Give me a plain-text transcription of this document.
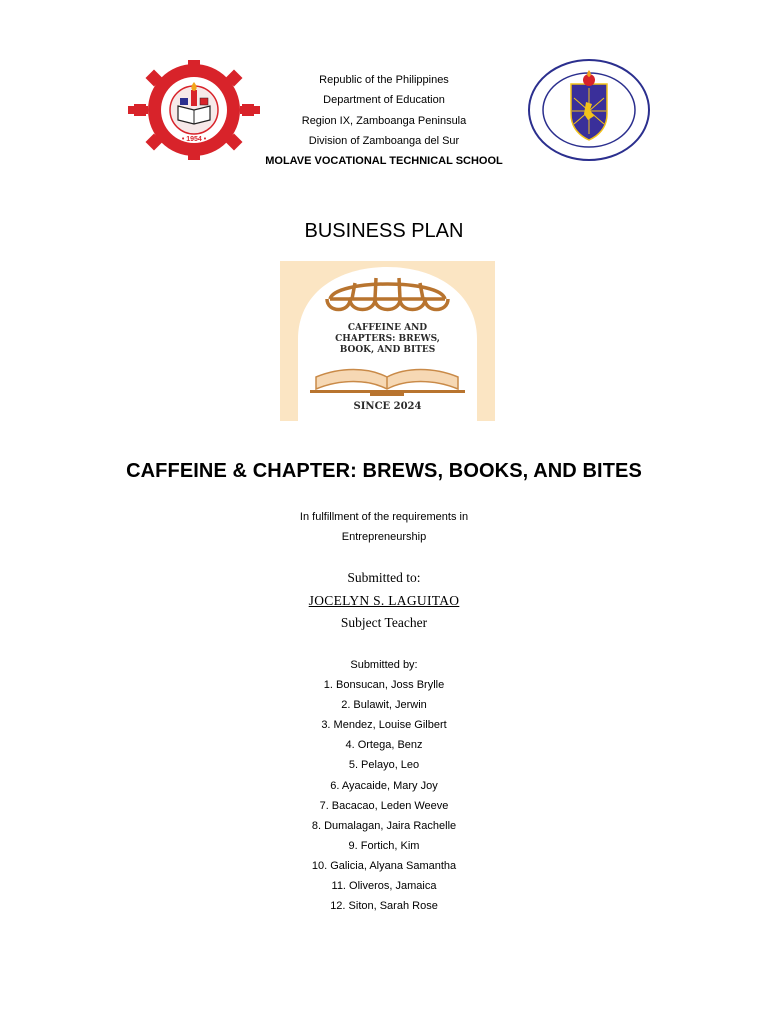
• 1954 •
Republic of the Philippines
Department of Education
Region IX, Zamboanga Peninsula
Division of Zamboanga del Sur
MOLAVE VOCATIONAL TECHNICAL SCHOOL
BUSINESS PLAN
CAFFEINE AND
CHAPTERS: BREWS,
BOOK, AND BITES
SINCE 2024
CAFFEINE & CHAPTER: BREWS, BOOKS, AND BITES
In fulfillment of the requirements in
Entrepreneurship
Submitted to:
JOCELYN S. LAGUITAO
Subject Teacher
Submitted by:
1. Bonsucan, Joss Brylle
2. Bulawit, Jerwin
3. Mendez, Louise Gilbert
4. Ortega, Benz
5. Pelayo, Leo
6. Ayacaide, Mary Joy
7. Bacacao, Leden Weeve
8. Dumalagan, Jaira Rachelle
9. Fortich, Kim
10. Galicia, Alyana Samantha
11. Oliveros, Jamaica
12. Siton, Sarah Rose
